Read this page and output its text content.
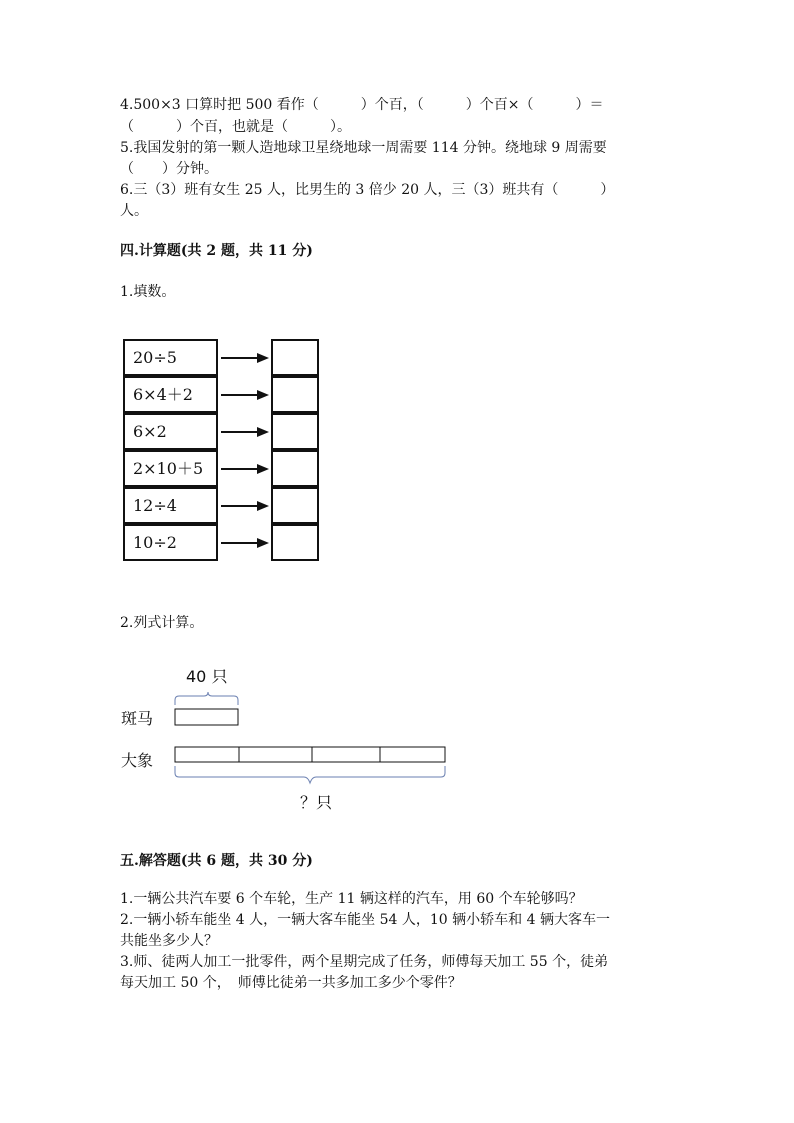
4.500×3 口算时把 500 看作（　　　）个百，（　　　）个百×（　　　）＝
（　　　）个百，也就是（　　　）。
5.我国发射的第一颗人造地球卫星绕地球一周需要 114 分钟。绕地球 9 周需要
（　　）分钟。
6.三（3）班有女生 25 人，比男生的 3 倍少 20 人，三（3）班共有（　　　）
人。
四.计算题(共 2 题，共 11 分)
1.填数。
20÷5
6×4＋2
6×2
2×10＋5
12÷4
10÷2
2.列式计算。
40 只
斑马
大象
？只
五.解答题(共 6 题，共 30 分)
1.一辆公共汽车要 6 个车轮，生产 11 辆这样的汽车，用 60 个车轮够吗？
2.一辆小轿车能坐 4 人，一辆大客车能坐 54 人，10 辆小轿车和 4 辆大客车一
共能坐多少人？
3.师、徒两人加工一批零件，两个星期完成了任务，师傅每天加工 55 个，徒弟
每天加工 50 个，　师傅比徒弟一共多加工多少个零件？
